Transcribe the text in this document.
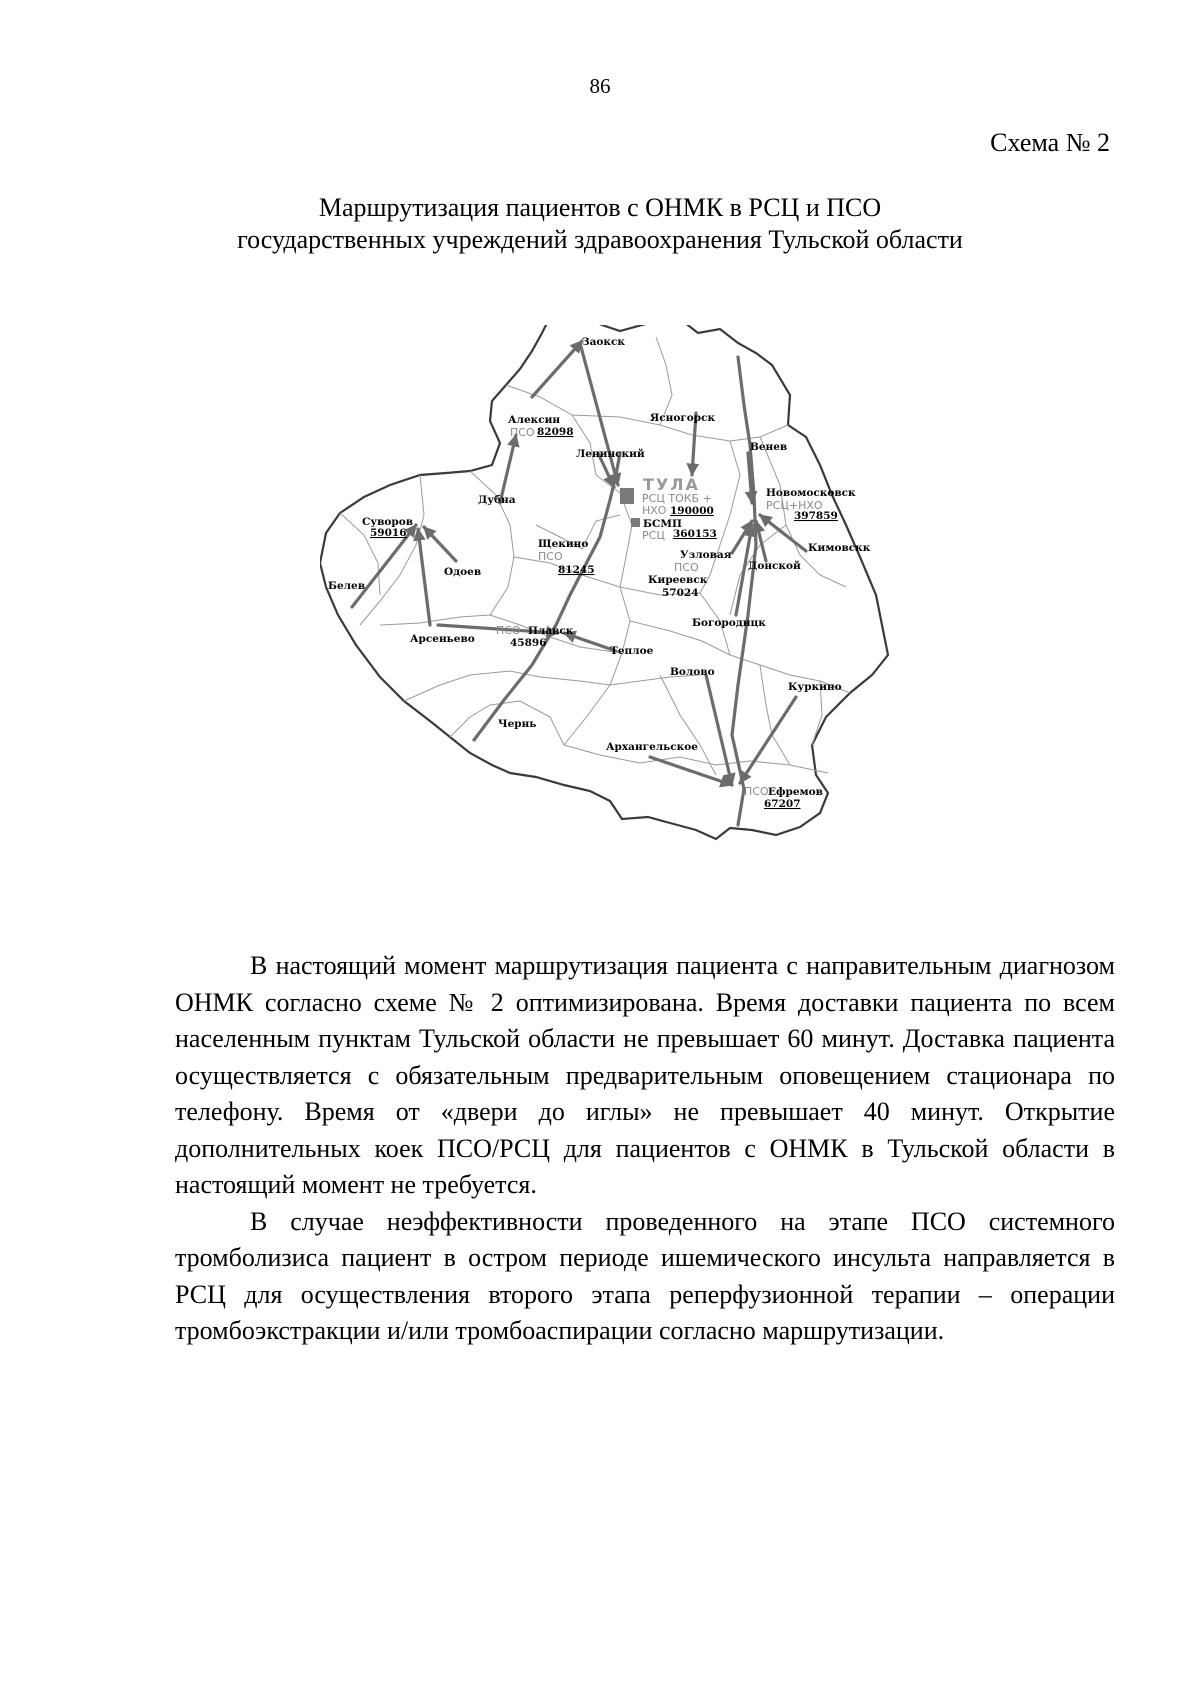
86
Схема № 2
Маршрутизация пациентов с ОНМК в РСЦ и ПСО
государственных учреждений здравоохранения Тульской области
Заокск
Алексин
ПСО 82098
Ясногорск
Ленинский
ТУЛА
РСЦ ТОКБ +
НХО 190000
БСМП
РСЦ 360153
Венев
Новомосковск
РСЦ+НХО
397859
Дубна
Суворов
59016
Одоев
Белев
Арсеньево
Щекино
ПСО
81245
Узловая
ПСО
Киреевск
57024
Донской
Кимовскк
Богородицк
ПСО Плавск
45896
Теплое
Волово
Куркино
Чернь
Архангельское
ПСО Ефремов
67207

В настоящий момент маршрутизация пациента с направительным диагнозом ОНМК согласно схеме № 2 оптимизирована. Время доставки пациента по всем населенным пунктам Тульской области не превышает 60 минут. Доставка пациента осуществляется с обязательным предварительным оповещением стационара по телефону. Время от «двери до иглы» не превышает 40 минут. Открытие дополнительных коек ПСО/РСЦ для пациентов с ОНМК в Тульской области в настоящий момент не требуется.

В случае неэффективности проведенного на этапе ПСО системного тромболизиса пациент в остром периоде ишемического инсульта направляется в РСЦ для осуществления второго этапа реперфузионной терапии – операции тромбоэкстракции и/или тромбоаспирации согласно маршрутизации.
